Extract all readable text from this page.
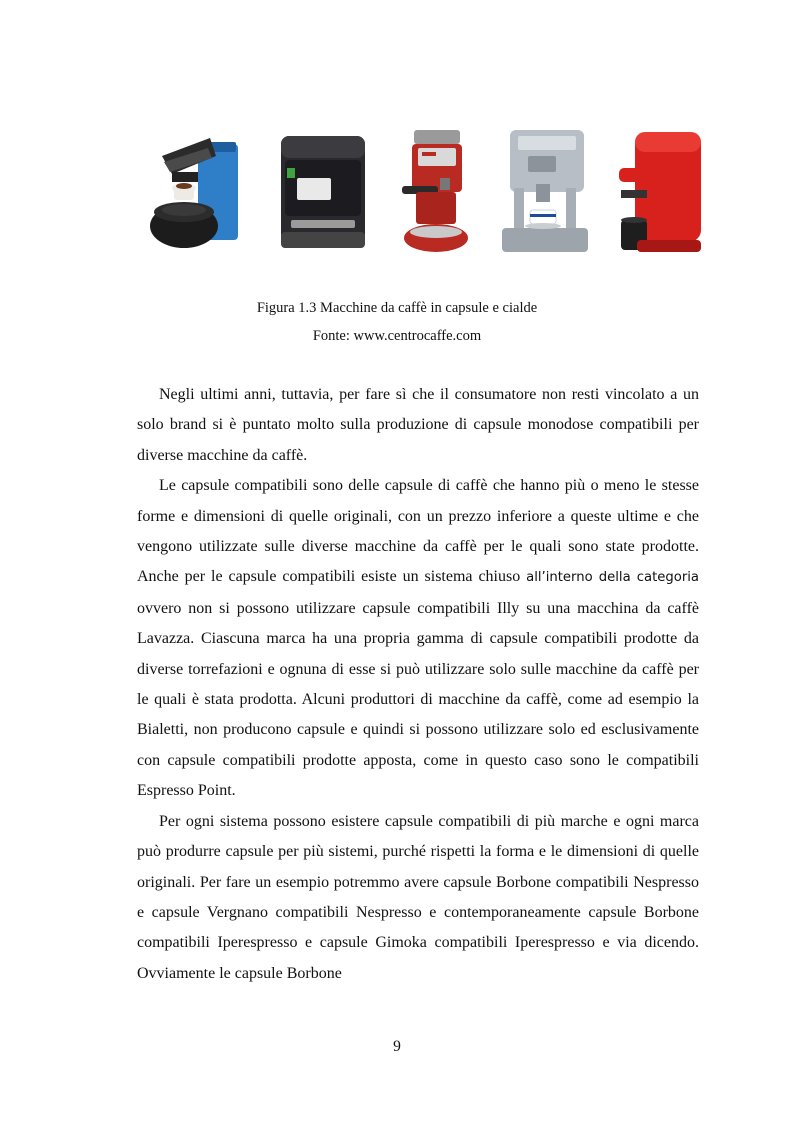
Figura 1.3 Macchine da caffè in capsule e cialde
Fonte: www.centrocaffe.com

Negli ultimi anni, tuttavia, per fare sì che il consumatore non resti vincolato a un solo brand si è puntato molto sulla produzione di capsule monodose compatibili per diverse macchine da caffè.

Le capsule compatibili sono delle capsule di caffè che hanno più o meno le stesse forme e dimensioni di quelle originali, con un prezzo inferiore a queste ultime e che vengono utilizzate sulle diverse macchine da caffè per le quali sono state prodotte. Anche per le capsule compatibili esiste un sistema chiuso all’interno della categoria ovvero non si possono utilizzare capsule compatibili Illy su una macchina da caffè Lavazza. Ciascuna marca ha una propria gamma di capsule compatibili prodotte da diverse torrefazioni e ognuna di esse si può utilizzare solo sulle macchine da caffè per le quali è stata prodotta. Alcuni produttori di macchine da caffè, come ad esempio la Bialetti, non producono capsule e quindi si possono utilizzare solo ed esclusivamente con capsule compatibili prodotte apposta, come in questo caso sono le compatibili Espresso Point.

Per ogni sistema possono esistere capsule compatibili di più marche e ogni marca può produrre capsule per più sistemi, purché rispetti la forma e le dimensioni di quelle originali. Per fare un esempio potremmo avere capsule Borbone compatibili Nespresso e capsule Vergnano compatibili Nespresso e contemporaneamente capsule Borbone compatibili Iperespresso e capsule Gimoka compatibili Iperespresso e via dicendo. Ovviamente le capsule Borbone

9
